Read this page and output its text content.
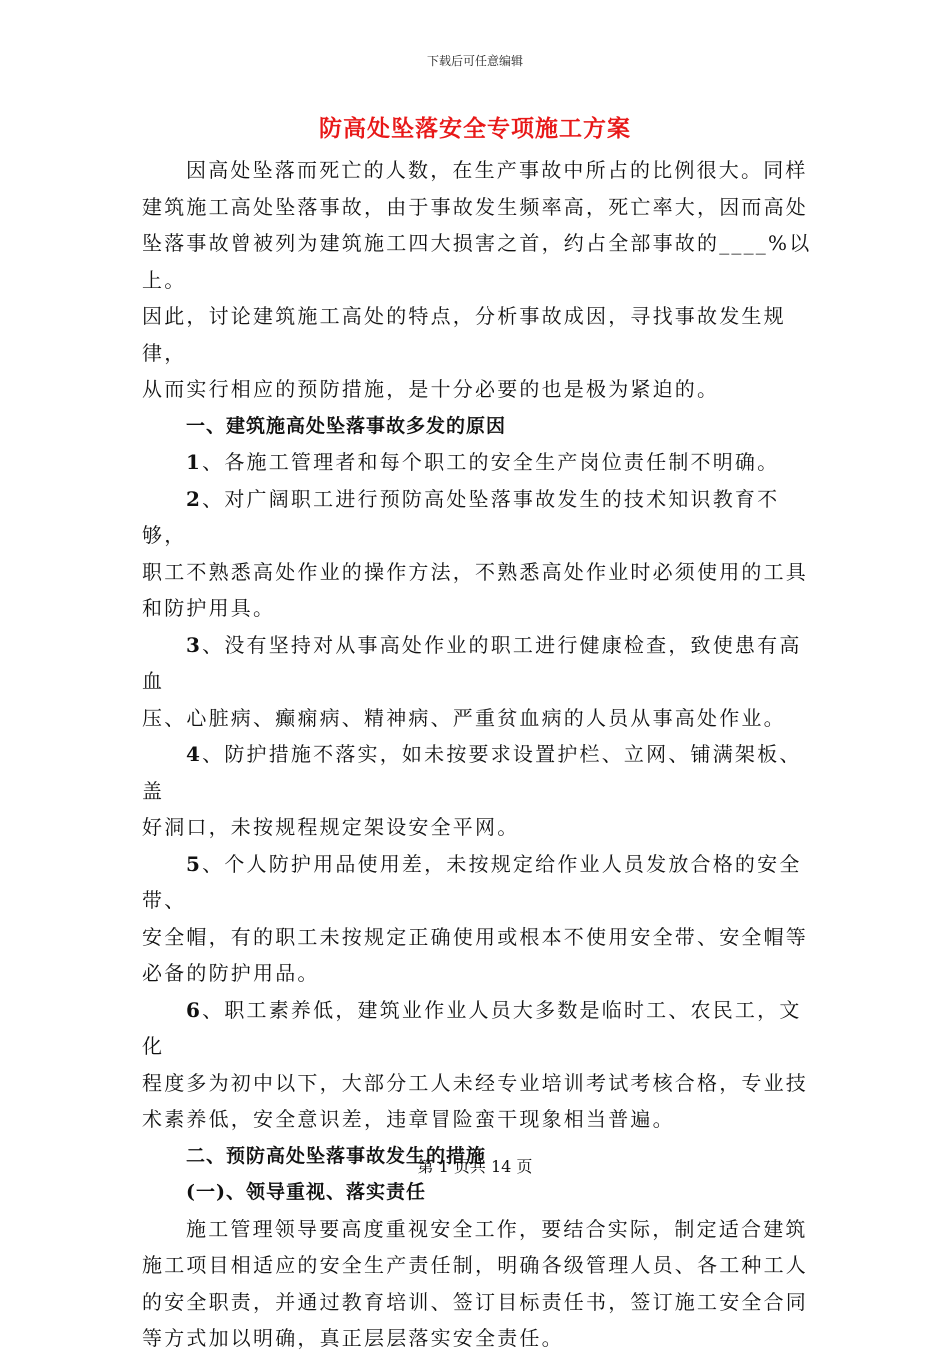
下载后可任意编辑
防高处坠落安全专项施工方案

因高处坠落而死亡的人数，在生产事故中所占的比例很大。同样
建筑施工高处坠落事故，由于事故发生频率高，死亡率大，因而高处
坠落事故曾被列为建筑施工四大损害之首，约占全部事故的____%以上。
因此，讨论建筑施工高处的特点，分析事故成因，寻找事故发生规律，
从而实行相应的预防措施，是十分必要的也是极为紧迫的。

一、建筑施高处坠落事故多发的原因

1、各施工管理者和每个职工的安全生产岗位责任制不明确。

2、对广阔职工进行预防高处坠落事故发生的技术知识教育不够，
职工不熟悉高处作业的操作方法，不熟悉高处作业时必须使用的工具
和防护用具。

3、没有坚持对从事高处作业的职工进行健康检查，致使患有高血
压、心脏病、癫痫病、精神病、严重贫血病的人员从事高处作业。

4、防护措施不落实，如未按要求设置护栏、立网、铺满架板、盖
好洞口，未按规程规定架设安全平网。

5、个人防护用品使用差，未按规定给作业人员发放合格的安全带、
安全帽，有的职工未按规定正确使用或根本不使用安全带、安全帽等
必备的防护用品。

6、职工素养低，建筑业作业人员大多数是临时工、农民工，文化
程度多为初中以下，大部分工人未经专业培训考试考核合格，专业技
术素养低，安全意识差，违章冒险蛮干现象相当普遍。

二、预防高处坠落事故发生的措施

(一)、领导重视、落实责任

施工管理领导要高度重视安全工作，要结合实际，制定适合建筑
施工项目相适应的安全生产责任制，明确各级管理人员、各工种工人
的安全职责，并通过教育培训、签订目标责任书，签订施工安全合同
等方式加以明确，真正层层落实安全责任。

第 1 页共 14 页
